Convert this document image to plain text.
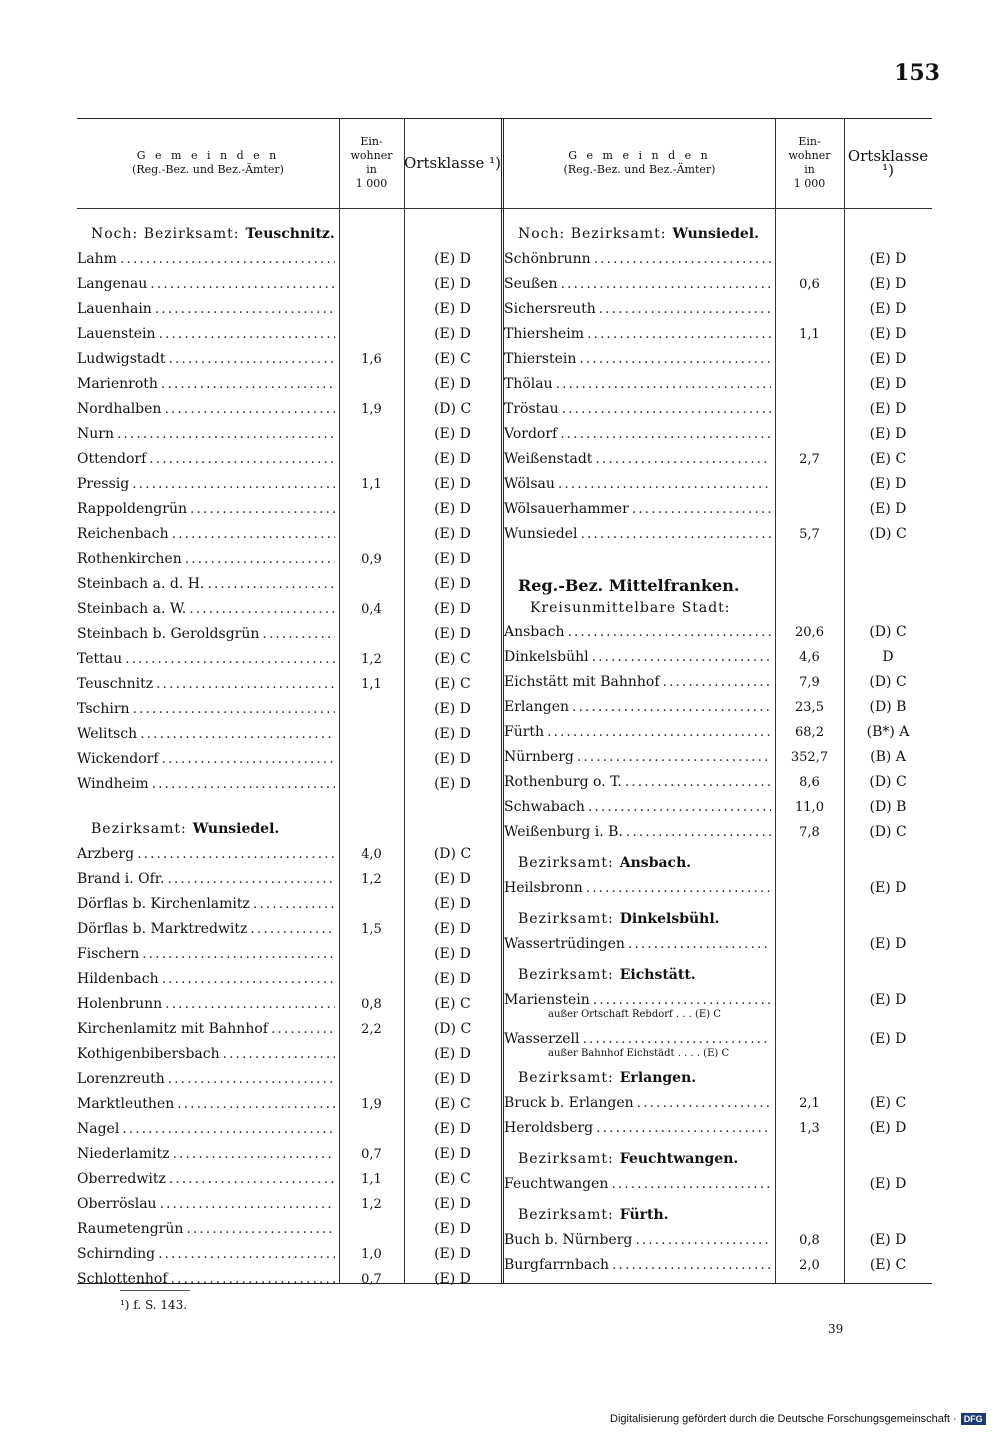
153
G e m e i n d e n
(Reg.-Bez. und Bez.-Ämter)
Ein-
wohner
in
1 000
Ortsklasse ¹)	G e m e i n d e n
(Reg.-Bez. und Bez.-Ämter)
Ein-
wohner
in
1 000
Ortsklasse ¹)
Noch: Bezirksamt: Teuschnitz.
Lahm .....	(E) D
Langenau .....	(E) D
Lauenhain .....	(E) D
Lauenstein .....	(E) D
Ludwigstadt .....	1,6	(E) C
Marienroth .....	(E) D
Nordhalben .....	1,9	(D) C
Nurn .....	(E) D
Ottendorf .....	(E) D
Pressig .....	1,1	(E) D
Rappoldengrün .....	(E) D
Reichenbach .....	(E) D
Rothenkirchen .....	0,9	(E) D
Steinbach a. d. H. .....	(E) D
Steinbach a. W. .....	0,4	(E) D
Steinbach b. Geroldsgrün .....	(E) D
Tettau .....	1,2	(E) C
Teuschnitz .....	1,1	(E) C
Tschirn .....	(E) D
Welitsch .....	(E) D
Wickendorf .....	(E) D
Windheim .....	(E) D
Bezirksamt: Wunsiedel.
Arzberg .....	4,0	(D) C
Brand i. Ofr. .....	1,2	(E) D
Dörflas b. Kirchenlamitz .....	(E) D
Dörflas b. Marktredwitz .....	1,5	(E) D
Fischern .....	(E) D
Hildenbach .....	(E) D
Holenbrunn .....	0,8	(E) C
Kirchenlamitz mit Bahnhof .....	2,2	(D) C
Kothigenbibersbach .....	(E) D
Lorenzreuth .....	(E) D
Marktleuthen .....	1,9	(E) C
Nagel .....	(E) D
Niederlamitz .....	0,7	(E) D
Oberredwitz .....	1,1	(E) C
Oberröslau .....	1,2	(E) D
Raumetengrün .....	(E) D
Schirnding .....	1,0	(E) D
Schlottenhof .....	0,7	(E) D
Noch: Bezirksamt: Wunsiedel.
Schönbrunn .....	(E) D
Seußen .....	0,6	(E) D
Sichersreuth .....	(E) D
Thiersheim .....	1,1	(E) D
Thierstein .....	(E) D
Thölau .....	(E) D
Tröstau .....	(E) D
Vordorf .....	(E) D
Weißenstadt .....	2,7	(E) C
Wölsau .....	(E) D
Wölsauerhammer .....	(E) D
Wunsiedel .....	5,7	(D) C
Reg.-Bez. Mittelfranken.
Kreisunmittelbare Stadt:
Ansbach .....	20,6	(D) C
Dinkelsbühl .....	4,6	D
Eichstätt mit Bahnhof .....	7,9	(D) C
Erlangen .....	23,5	(D) B
Fürth .....	68,2	(B*) A
Nürnberg .....	352,7	(B) A
Rothenburg o. T. .....	8,6	(D) C
Schwabach .....	11,0	(D) B
Weißenburg i. B. .....	7,8	(D) C
Bezirksamt: Ansbach.
Heilsbronn .....	(E) D
Bezirksamt: Dinkelsbühl.
Wassertrüdingen .....	(E) D
Bezirksamt: Eichstätt.
Marienstein .....	(E) D
außer Ortschaft Rebdorf . . . (E) C
Wasserzell .....	(E) D
außer Bahnhof Eichstädt . . . . (E) C
Bezirksamt: Erlangen.
Bruck b. Erlangen .....	2,1	(E) C
Heroldsberg .....	1,3	(E) D
Bezirksamt: Feuchtwangen.
Feuchtwangen .....	(E) D
Bezirksamt: Fürth.
Buch b. Nürnberg .....	0,8	(E) D
Burgfarrnbach .....	2,0	(E) C
¹) f. S. 143.
39
Digitalisierung gefördert durch die Deutsche Forschungsgemeinschaft · DFG
